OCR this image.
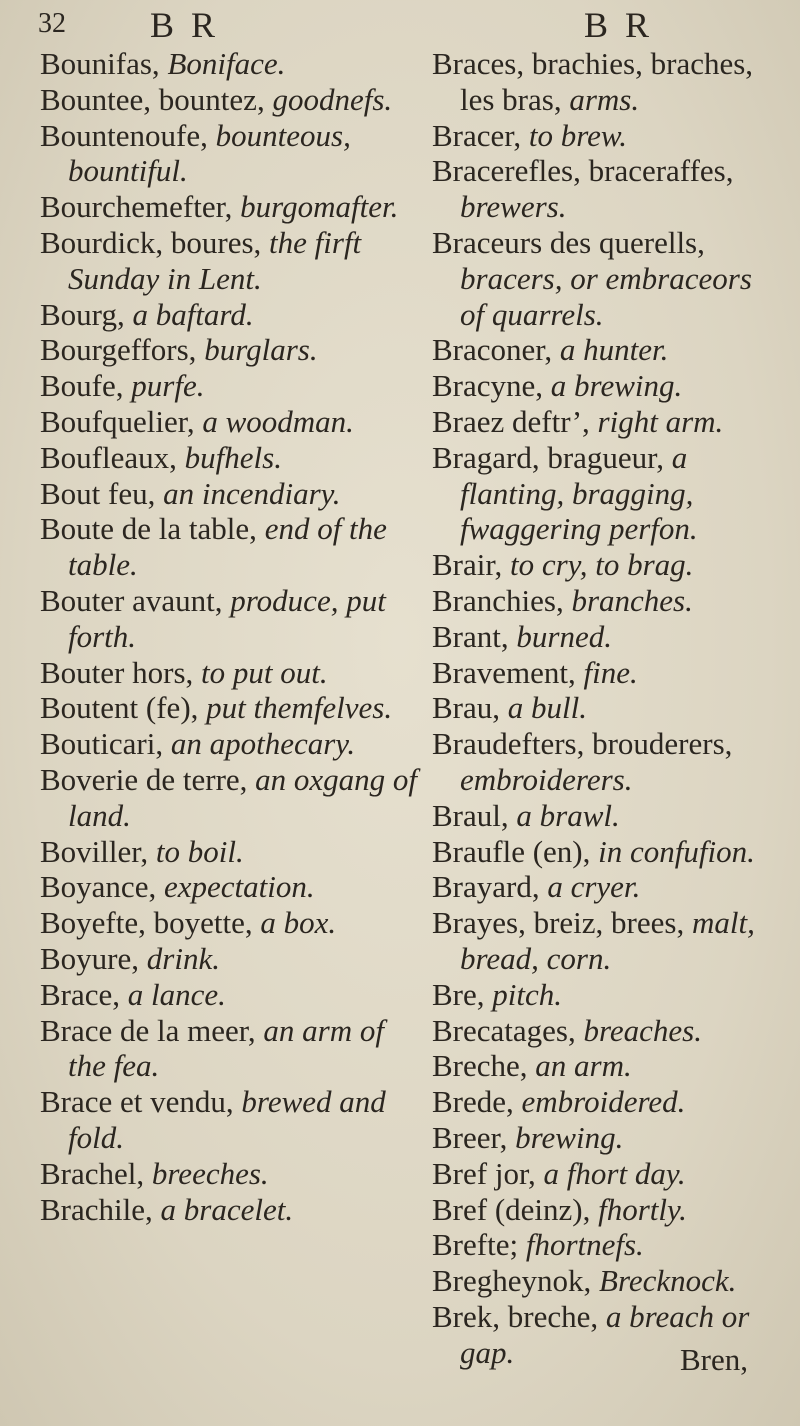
32 B R	B R

Bounifas, Boniface.

Bountee, bountez, goodnefs.

Bountenoufe, bounteous, bountiful.

Bourchemefter, burgomafter.

Bourdick, boures, the firft Sunday in Lent.

Bourg, a baftard.

Bourgeffors, burglars.

Boufe, purfe.

Boufquelier, a woodman.

Boufleaux, bufhels.

Bout feu, an incendiary.

Boute de la table, end of the table.

Bouter avaunt, produce, put forth.

Bouter hors, to put out.

Boutent (fe), put themfelves.

Bouticari, an apothecary.

Boverie de terre, an oxgang of land.

Boviller, to boil.

Boyance, expectation.

Boyefte, boyette, a box.

Boyure, drink.

Brace, a lance.

Brace de la meer, an arm of the fea.

Brace et vendu, brewed and fold.

Brachel, breeches.

Brachile, a bracelet.

Braces, brachies, braches, les bras, arms.

Bracer, to brew.

Bracerefles, braceraffes, brewers.

Braceurs des querells, bracers, or embraceors of quarrels.

Braconer, a hunter.

Bracyne, a brewing.

Braez deftr’, right arm.

Bragard, bragueur, a flanting, bragging, fwaggering perfon.

Brair, to cry, to brag.

Branchies, branches.

Brant, burned.

Bravement, fine.

Brau, a bull.

Braudefters, brouderers, embroiderers.

Braul, a brawl.

Braufle (en), in confufion.

Brayard, a cryer.

Brayes, breiz, brees, malt, bread, corn.

Bre, pitch.

Brecatages, breaches.

Breche, an arm.

Brede, embroidered.

Breer, brewing.

Bref jor, a fhort day.

Bref (deinz), fhortly.

Brefte; fhortnefs.

Bregheynok, Brecknock.

Brek, breche, a breach or gap.	Bren,
